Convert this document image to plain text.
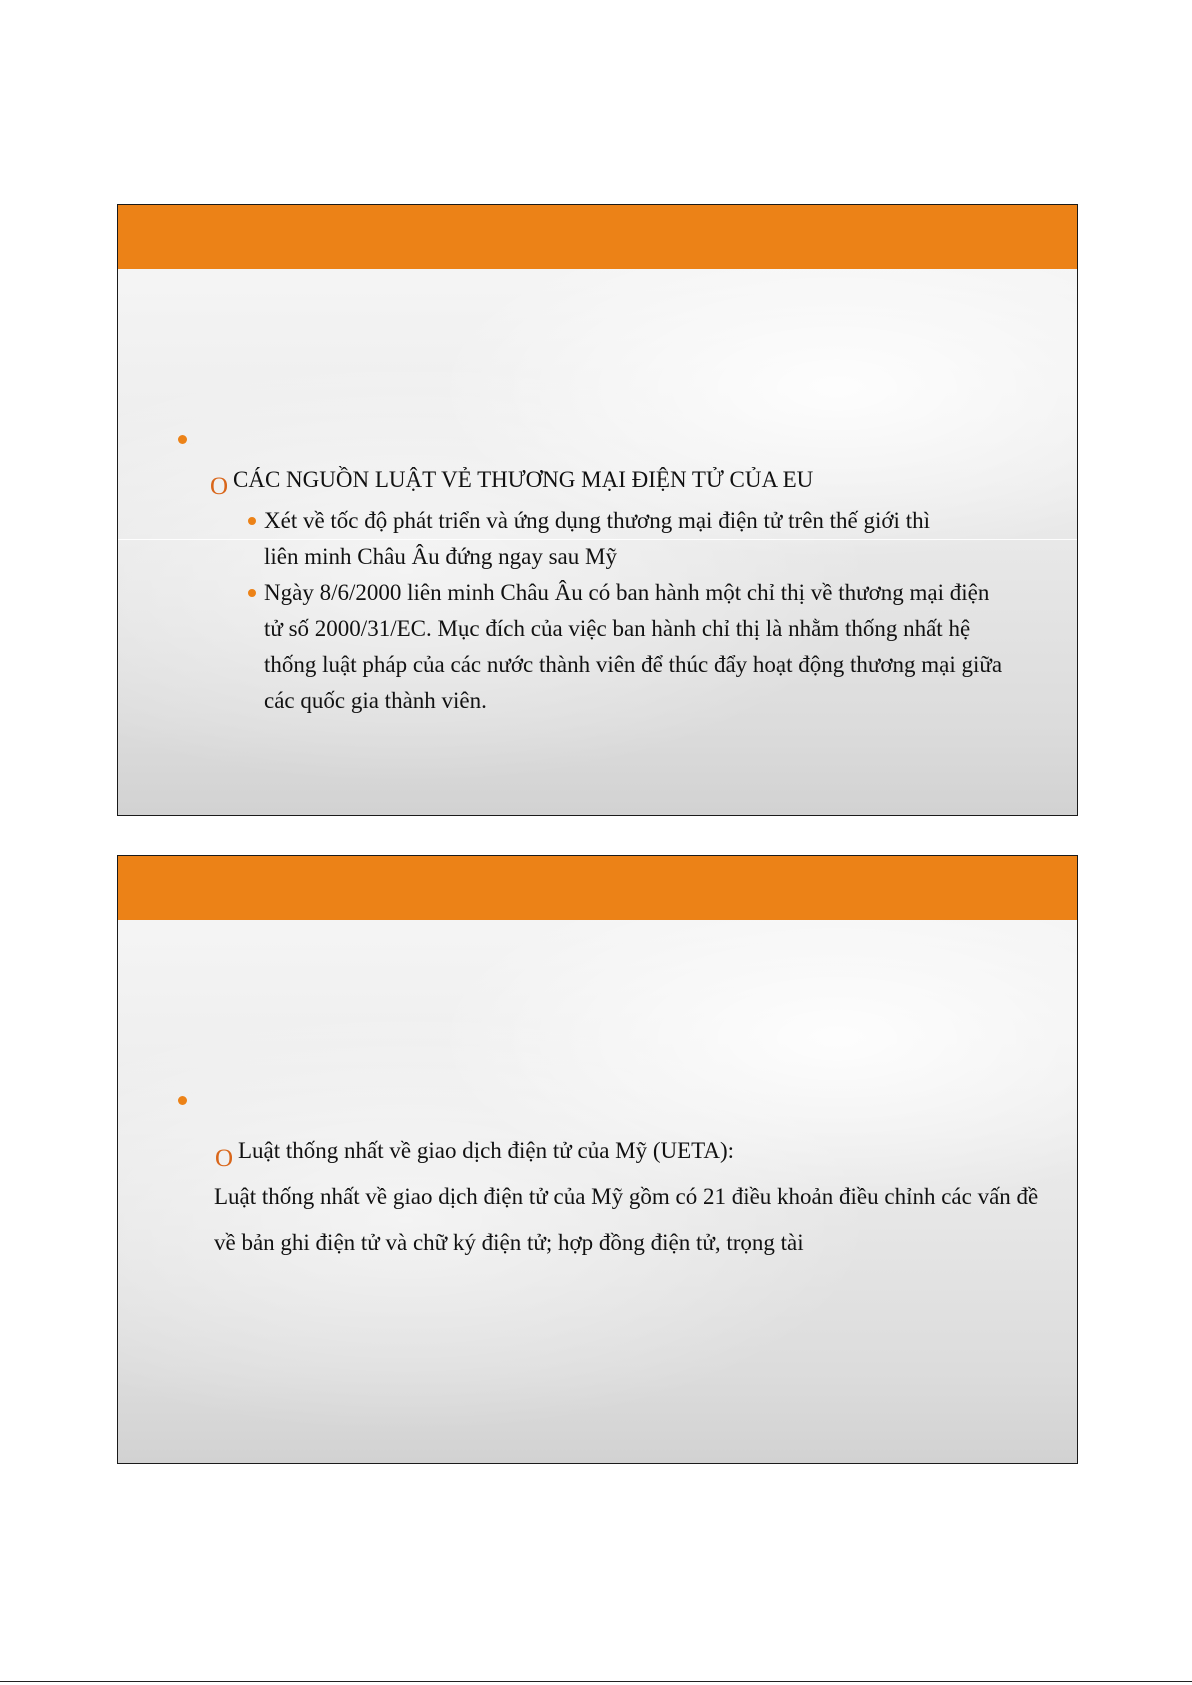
O CÁC NGUỒN LUẬT VẺ THƯƠNG MẠI ĐIỆN TỬ CỦA EU
Xét về tốc độ phát triển và ứng dụng thương mại điện tử trên thế giới thì liên minh Châu Âu đứng ngay sau Mỹ
Ngày 8/6/2000 liên minh Châu Âu có ban hành một chỉ thị về thương mại điện tử số 2000/31/EC. Mục đích của việc ban hành chỉ thị là nhằm thống nhất hệ thống luật pháp của các nước thành viên để thúc đẩy hoạt động thương mại giữa các quốc gia thành viên.
O Luật thống nhất về giao dịch điện tử của Mỹ (UETA):
Luật thống nhất về giao dịch điện tử của Mỹ gồm có 21 điều khoản điều chỉnh các vấn đề về bản ghi điện tử và chữ ký điện tử; hợp đồng điện tử, trọng tài
